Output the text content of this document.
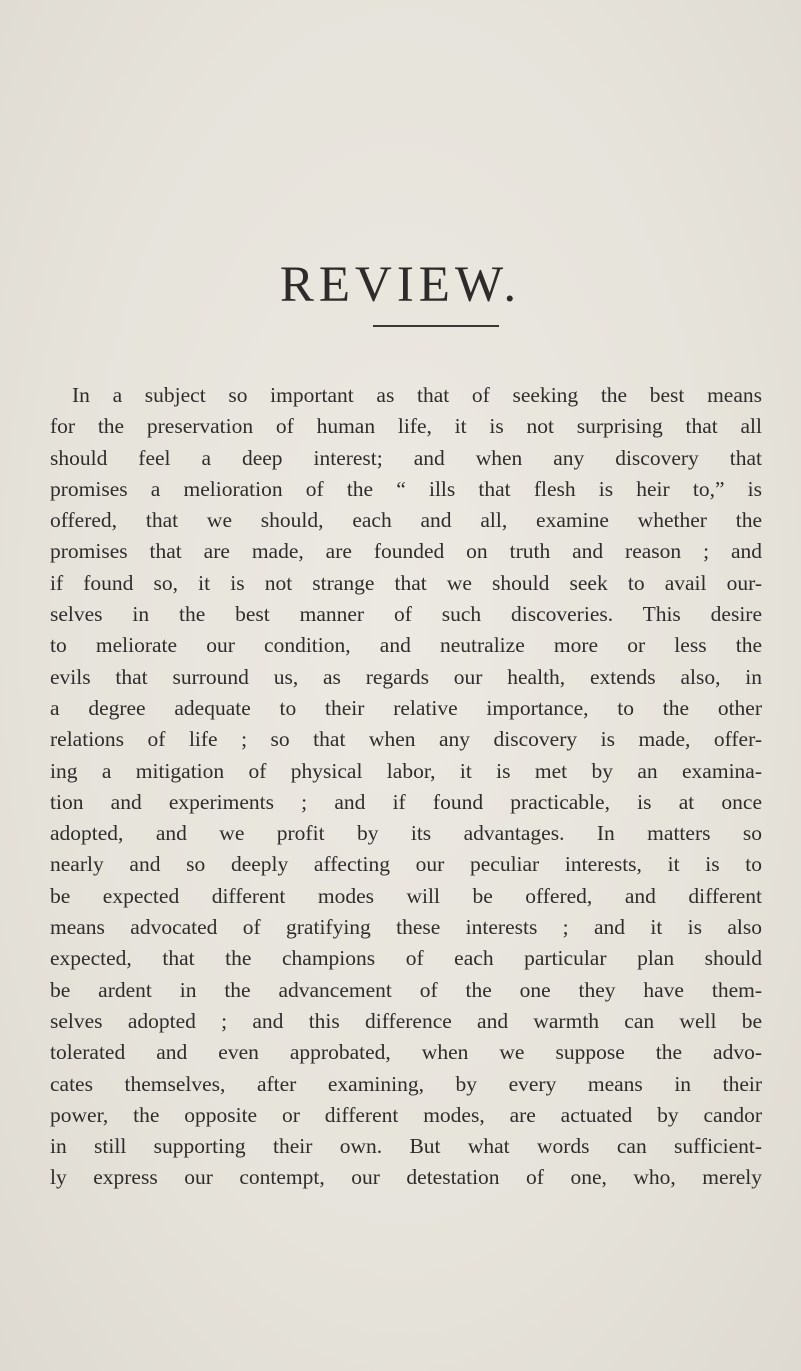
REVIEW.
In a subject so important as that of seeking the best means
for the preservation of human life, it is not surprising that all
should feel a deep interest; and when any discovery that
promises a melioration of the “ ills that flesh is heir to,” is
offered, that we should, each and all, examine whether the
promises that are made, are founded on truth and reason ; and
if found so, it is not strange that we should seek to avail our-
selves in the best manner of such discoveries. This desire
to meliorate our condition, and neutralize more or less the
evils that surround us, as regards our health, extends also, in
a degree adequate to their relative importance, to the other
relations of life ; so that when any discovery is made, offer-
ing a mitigation of physical labor, it is met by an examina-
tion and experiments ; and if found practicable, is at once
adopted, and we profit by its advantages. In matters so
nearly and so deeply affecting our peculiar interests, it is to
be expected different modes will be offered, and different
means advocated of gratifying these interests ; and it is also
expected, that the champions of each particular plan should
be ardent in the advancement of the one they have them-
selves adopted ; and this difference and warmth can well be
tolerated and even approbated, when we suppose the advo-
cates themselves, after examining, by every means in their
power, the opposite or different modes, are actuated by candor
in still supporting their own. But what words can sufficient-
ly express our contempt, our detestation of one, who, merely
